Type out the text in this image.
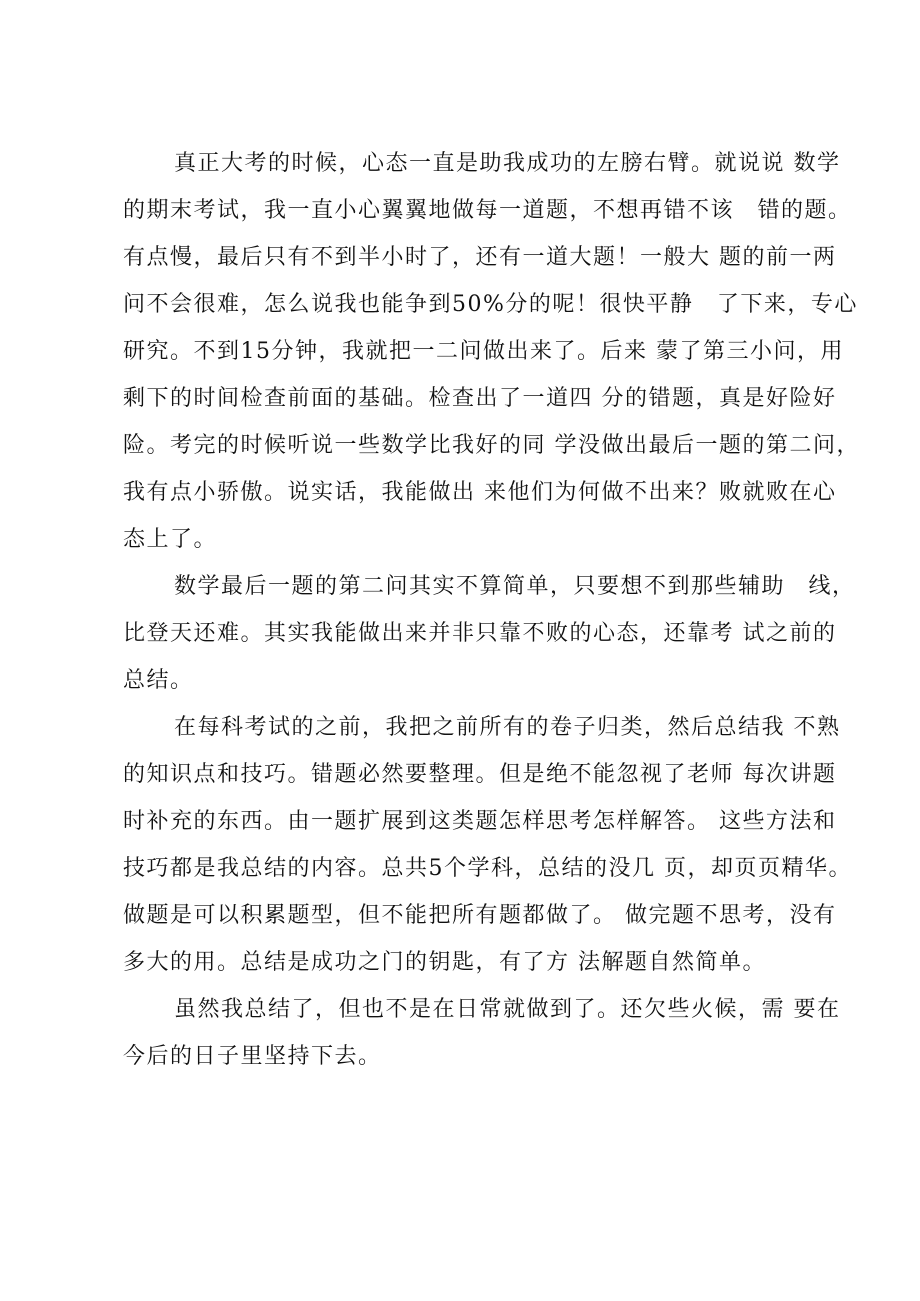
真正大考的时候，心态一直是助我成功的左膀右臂。就说说 数学
的期末考试，我一直小心翼翼地做每一道题，不想再错不该　错的题。
有点慢，最后只有不到半小时了，还有一道大题！一般大 题的前一两
问不会很难，怎么说我也能争到50%分的呢！很快平静　了下来，专心
研究。不到15分钟，我就把一二问做出来了。后来 蒙了第三小问，用
剩下的时间检查前面的基础。检查出了一道四 分的错题，真是好险好
险。考完的时候听说一些数学比我好的同 学没做出最后一题的第二问，
我有点小骄傲。说实话，我能做出 来他们为何做不出来？败就败在心
态上了。
数学最后一题的第二问其实不算简单，只要想不到那些辅助　线，
比登天还难。其实我能做出来并非只靠不败的心态，还靠考 试之前的
总结。
在每科考试的之前，我把之前所有的卷子归类，然后总结我 不熟
的知识点和技巧。错题必然要整理。但是绝不能忽视了老师 每次讲题
时补充的东西。由一题扩展到这类题怎样思考怎样解答。 这些方法和
技巧都是我总结的内容。总共5个学科，总结的没几 页，却页页精华。
做题是可以积累题型，但不能把所有题都做了。 做完题不思考，没有
多大的用。总结是成功之门的钥匙，有了方 法解题自然简单。
虽然我总结了，但也不是在日常就做到了。还欠些火候，需 要在
今后的日子里坚持下去。
